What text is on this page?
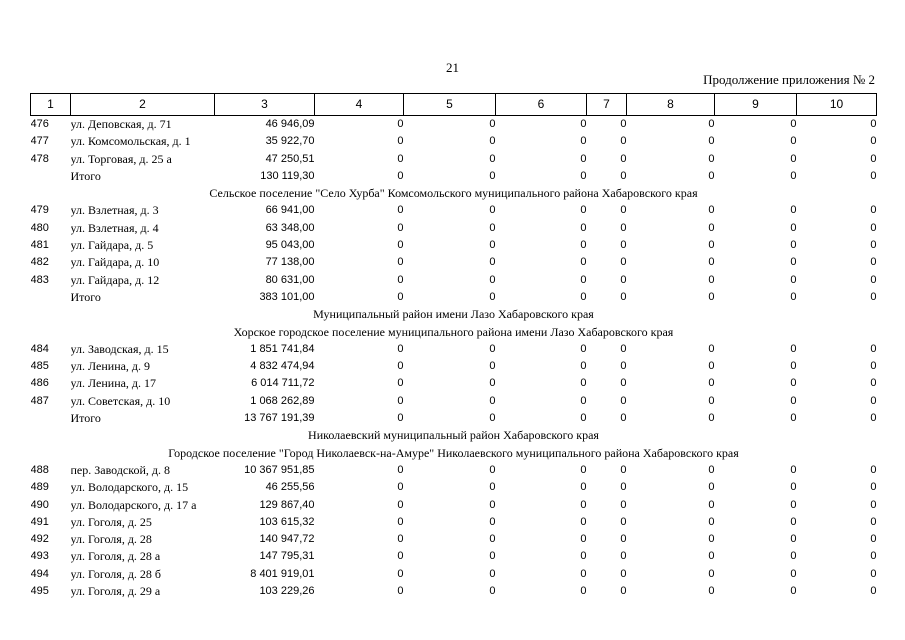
21
Продолжение приложения № 2
1	2	3	4	5	6	7	8	9	10
476	ул. Деповская, д. 71	46 946,09	0	0	0	0	0	0	0
477	ул. Комсомольская, д. 1	35 922,70	0	0	0	0	0	0	0
478	ул. Торговая, д. 25 а	47 250,51	0	0	0	0	0	0	0
	Итого	130 119,30	0	0	0	0	0	0	0
Сельское поселение "Село Хурба" Комсомольского муниципального района Хабаровского края									
479	ул. Взлетная, д. 3	66 941,00	0	0	0	0	0	0	0
480	ул. Взлетная, д. 4	63 348,00	0	0	0	0	0	0	0
481	ул. Гайдара, д. 5	95 043,00	0	0	0	0	0	0	0
482	ул. Гайдара, д. 10	77 138,00	0	0	0	0	0	0	0
483	ул. Гайдара, д. 12	80 631,00	0	0	0	0	0	0	0
	Итого	383 101,00	0	0	0	0	0	0	0
Муниципальный район имени Лазо Хабаровского края									
Хорское городское поселение муниципального района имени Лазо Хабаровского края									
484	ул. Заводская, д. 15	1 851 741,84	0	0	0	0	0	0	0
485	ул. Ленина, д. 9	4 832 474,94	0	0	0	0	0	0	0
486	ул. Ленина, д. 17	6 014 711,72	0	0	0	0	0	0	0
487	ул. Советская, д. 10	1 068 262,89	0	0	0	0	0	0	0
	Итого	13 767 191,39	0	0	0	0	0	0	0
Николаевский муниципальный район Хабаровского края									
Городское поселение "Город Николаевск-на-Амуре" Николаевского муниципального района Хабаровского края									
488	пер. Заводской, д. 8	10 367 951,85	0	0	0	0	0	0	0
489	ул. Володарского, д. 15	46 255,56	0	0	0	0	0	0	0
490	ул. Володарского, д. 17 а	129 867,40	0	0	0	0	0	0	0
491	ул. Гоголя, д. 25	103 615,32	0	0	0	0	0	0	0
492	ул. Гоголя, д. 28	140 947,72	0	0	0	0	0	0	0
493	ул. Гоголя, д. 28 а	147 795,31	0	0	0	0	0	0	0
494	ул. Гоголя, д. 28 б	8 401 919,01	0	0	0	0	0	0	0
495	ул. Гоголя, д. 29 а	103 229,26	0	0	0	0	0	0	0
